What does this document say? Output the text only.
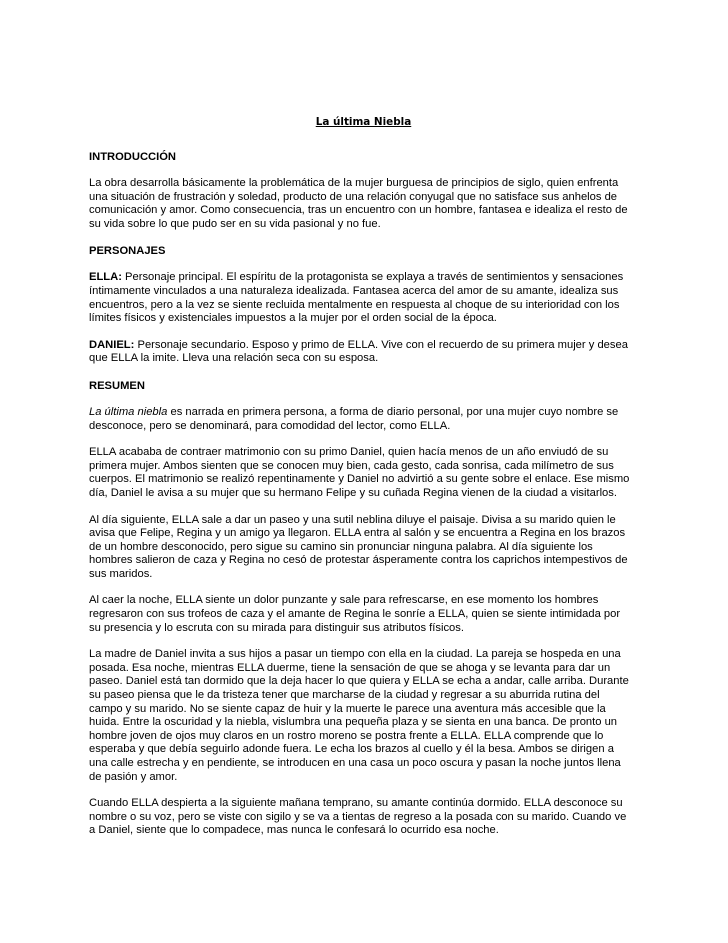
La última Niebla
INTRODUCCIÓN

La obra desarrolla básicamente la problemática de la mujer burguesa de principios de siglo, quien enfrenta una situación de frustración y soledad, producto de una relación conyugal que no satisface sus anhelos de comunicación y amor. Como consecuencia, tras un encuentro con un hombre, fantasea e idealiza el resto de su vida sobre lo que pudo ser en su vida pasional y no fue.

PERSONAJES

ELLA: Personaje principal. El espíritu de la protagonista se explaya a través de sentimientos y sensaciones íntimamente vinculados a una naturaleza idealizada. Fantasea acerca del amor de su amante, idealiza sus encuentros, pero a la vez se siente recluida mentalmente en respuesta al choque de su interioridad con los límites físicos y existenciales impuestos a la mujer por el orden social de la época.

DANIEL: Personaje secundario. Esposo y primo de ELLA. Vive con el recuerdo de su primera mujer y desea que ELLA la imite. Lleva una relación seca con su esposa.

RESUMEN

La última niebla es narrada en primera persona, a forma de diario personal, por una mujer cuyo nombre se desconoce, pero se denominará, para comodidad del lector, como ELLA.

ELLA acababa de contraer matrimonio con su primo Daniel, quien hacía menos de un año enviudó de su primera mujer. Ambos sienten que se conocen muy bien, cada gesto, cada sonrisa, cada milímetro de sus cuerpos. El matrimonio se realizó repentinamente y Daniel no advirtió a su gente sobre el enlace. Ese mismo día, Daniel le avisa a su mujer que su hermano Felipe y su cuñada Regina vienen de la ciudad a visitarlos.

Al día siguiente, ELLA sale a dar un paseo y una sutil neblina diluye el paisaje. Divisa a su marido quien le avisa que Felipe, Regina y un amigo ya llegaron. ELLA entra al salón y se encuentra a Regina en los brazos de un hombre desconocido, pero sigue su camino sin pronunciar ninguna palabra. Al día siguiente los hombres salieron de caza y Regina no cesó de protestar ásperamente contra los caprichos intempestivos de sus maridos.

Al caer la noche, ELLA siente un dolor punzante y sale para refrescarse, en ese momento los hombres regresaron con sus trofeos de caza y el amante de Regina le sonríe a ELLA, quien se siente intimidada por su presencia y lo escruta con su mirada para distinguir sus atributos físicos.

La madre de Daniel invita a sus hijos a pasar un tiempo con ella en la ciudad. La pareja se hospeda en una posada. Esa noche, mientras ELLA duerme, tiene la sensación de que se ahoga y se levanta para dar un paseo. Daniel está tan dormido que la deja hacer lo que quiera y ELLA se echa a andar, calle arriba. Durante su paseo piensa que le da tristeza tener que marcharse de la ciudad y regresar a su aburrida rutina del campo y su marido. No se siente capaz de huir y la muerte le parece una aventura más accesible que la huida. Entre la oscuridad y la niebla, vislumbra una pequeña plaza y se sienta en una banca. De pronto un hombre joven de ojos muy claros en un rostro moreno se postra frente a ELLA. ELLA comprende que lo esperaba y que debía seguirlo adonde fuera. Le echa los brazos al cuello y él la besa. Ambos se dirigen a una calle estrecha y en pendiente, se introducen en una casa un poco oscura y pasan la noche juntos llena de pasión y amor.

Cuando ELLA despierta a la siguiente mañana temprano, su amante continúa dormido. ELLA desconoce su nombre o su voz, pero se viste con sigilo y se va a tientas de regreso a la posada con su marido. Cuando ve a Daniel, siente que lo compadece, mas nunca le confesará lo ocurrido esa noche.
